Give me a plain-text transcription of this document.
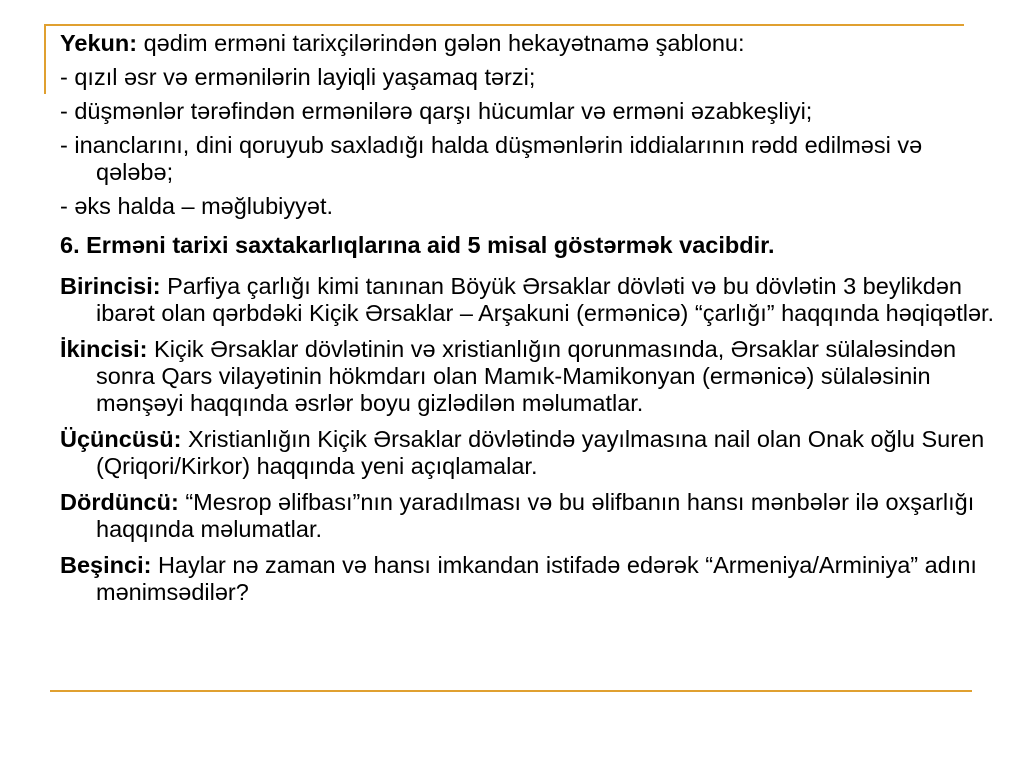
Yekun: qədim erməni tarixçilərindən gələn hekayətnamə şablonu:

- qızıl əsr və ermənilərin layiqli yaşamaq tərzi;

- düşmənlər tərəfindən ermənilərə qarşı hücumlar və erməni əzabkeşliyi;

- inanclarını, dini qoruyub saxladığı halda düşmənlərin iddialarının rədd edilməsi və qələbə;

- əks halda – məğlubiyyət.

6. Erməni tarixi saxtakarlıqlarına aid 5 misal göstərmək vacibdir.

Birincisi: Parfiya çarlığı kimi tanınan Böyük Ərsaklar dövləti və bu dövlətin 3 beylikdən ibarət olan qərbdəki Kiçik Ərsaklar – Arşakuni (ermənicə) “çarlığı” haqqında həqiqətlər.

İkincisi: Kiçik Ərsaklar dövlətinin və xristianlığın qorunmasında, Ərsaklar sülaləsindən sonra Qars vilayətinin hökmdarı olan Mamık-Mamikonyan (ermənicə) sülaləsinin mənşəyi haqqında əsrlər boyu gizlədilən məlumatlar.

Üçüncüsü: Xristianlığın Kiçik Ərsaklar dövlətində yayılmasına nail olan Onak oğlu Suren (Qriqori/Kirkor) haqqında yeni açıqlamalar.

Dördüncü: “Mesrop əlifbası”nın yaradılması və bu əlifbanın hansı mənbələr ilə oxşarlığı haqqında məlumatlar.

Beşinci: Haylar nə zaman və hansı imkandan istifadə edərək “Armeniya/Arminiya” adını mənimsədilər?
